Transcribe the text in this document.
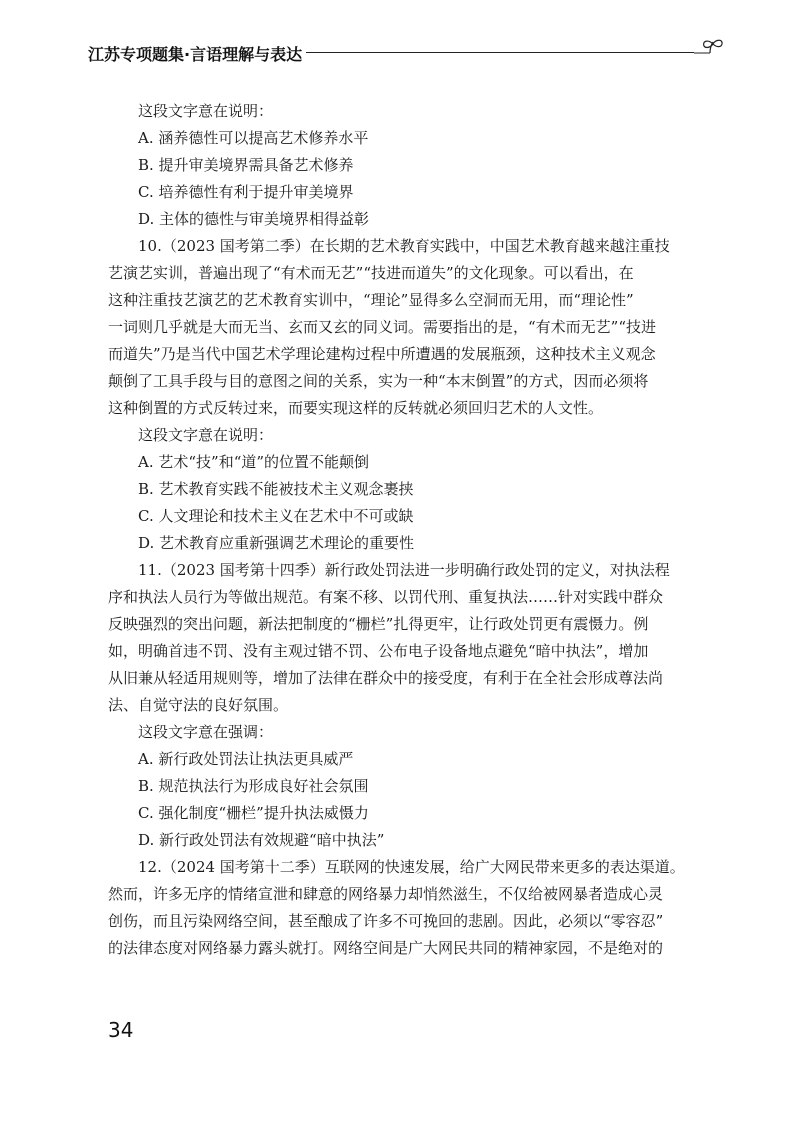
江苏专项题集·言语理解与表达
这段文字意在说明：
A. 涵养德性可以提高艺术修养水平
B. 提升审美境界需具备艺术修养
C. 培养德性有利于提升审美境界
D. 主体的德性与审美境界相得益彰
10.（2023 国考第二季）在长期的艺术教育实践中，中国艺术教育越来越注重技
艺演艺实训，普遍出现了“有术而无艺”“技进而道失”的文化现象。可以看出，在
这种注重技艺演艺的艺术教育实训中，“理论”显得多么空洞而无用，而“理论性”
一词则几乎就是大而无当、玄而又玄的同义词。需要指出的是，“有术而无艺”“技进
而道失”乃是当代中国艺术学理论建构过程中所遭遇的发展瓶颈，这种技术主义观念
颠倒了工具手段与目的意图之间的关系，实为一种“本末倒置”的方式，因而必须将
这种倒置的方式反转过来，而要实现这样的反转就必须回归艺术的人文性。
这段文字意在说明：
A. 艺术“技”和“道”的位置不能颠倒
B. 艺术教育实践不能被技术主义观念裹挟
C. 人文理论和技术主义在艺术中不可或缺
D. 艺术教育应重新强调艺术理论的重要性
11.（2023 国考第十四季）新行政处罚法进一步明确行政处罚的定义，对执法程
序和执法人员行为等做出规范。有案不移、以罚代刑、重复执法……针对实践中群众
反映强烈的突出问题，新法把制度的“栅栏”扎得更牢，让行政处罚更有震慑力。例
如，明确首违不罚、没有主观过错不罚、公布电子设备地点避免“暗中执法”，增加
从旧兼从轻适用规则等，增加了法律在群众中的接受度，有利于在全社会形成尊法尚
法、自觉守法的良好氛围。
这段文字意在强调：
A. 新行政处罚法让执法更具威严
B. 规范执法行为形成良好社会氛围
C. 强化制度“栅栏”提升执法威慑力
D. 新行政处罚法有效规避“暗中执法”
12.（2024 国考第十二季）互联网的快速发展，给广大网民带来更多的表达渠道。
然而，许多无序的情绪宣泄和肆意的网络暴力却悄然滋生，不仅给被网暴者造成心灵
创伤，而且污染网络空间，甚至酿成了许多不可挽回的悲剧。因此，必须以“零容忍”
的法律态度对网络暴力露头就打。网络空间是广大网民共同的精神家园，不是绝对的
34
